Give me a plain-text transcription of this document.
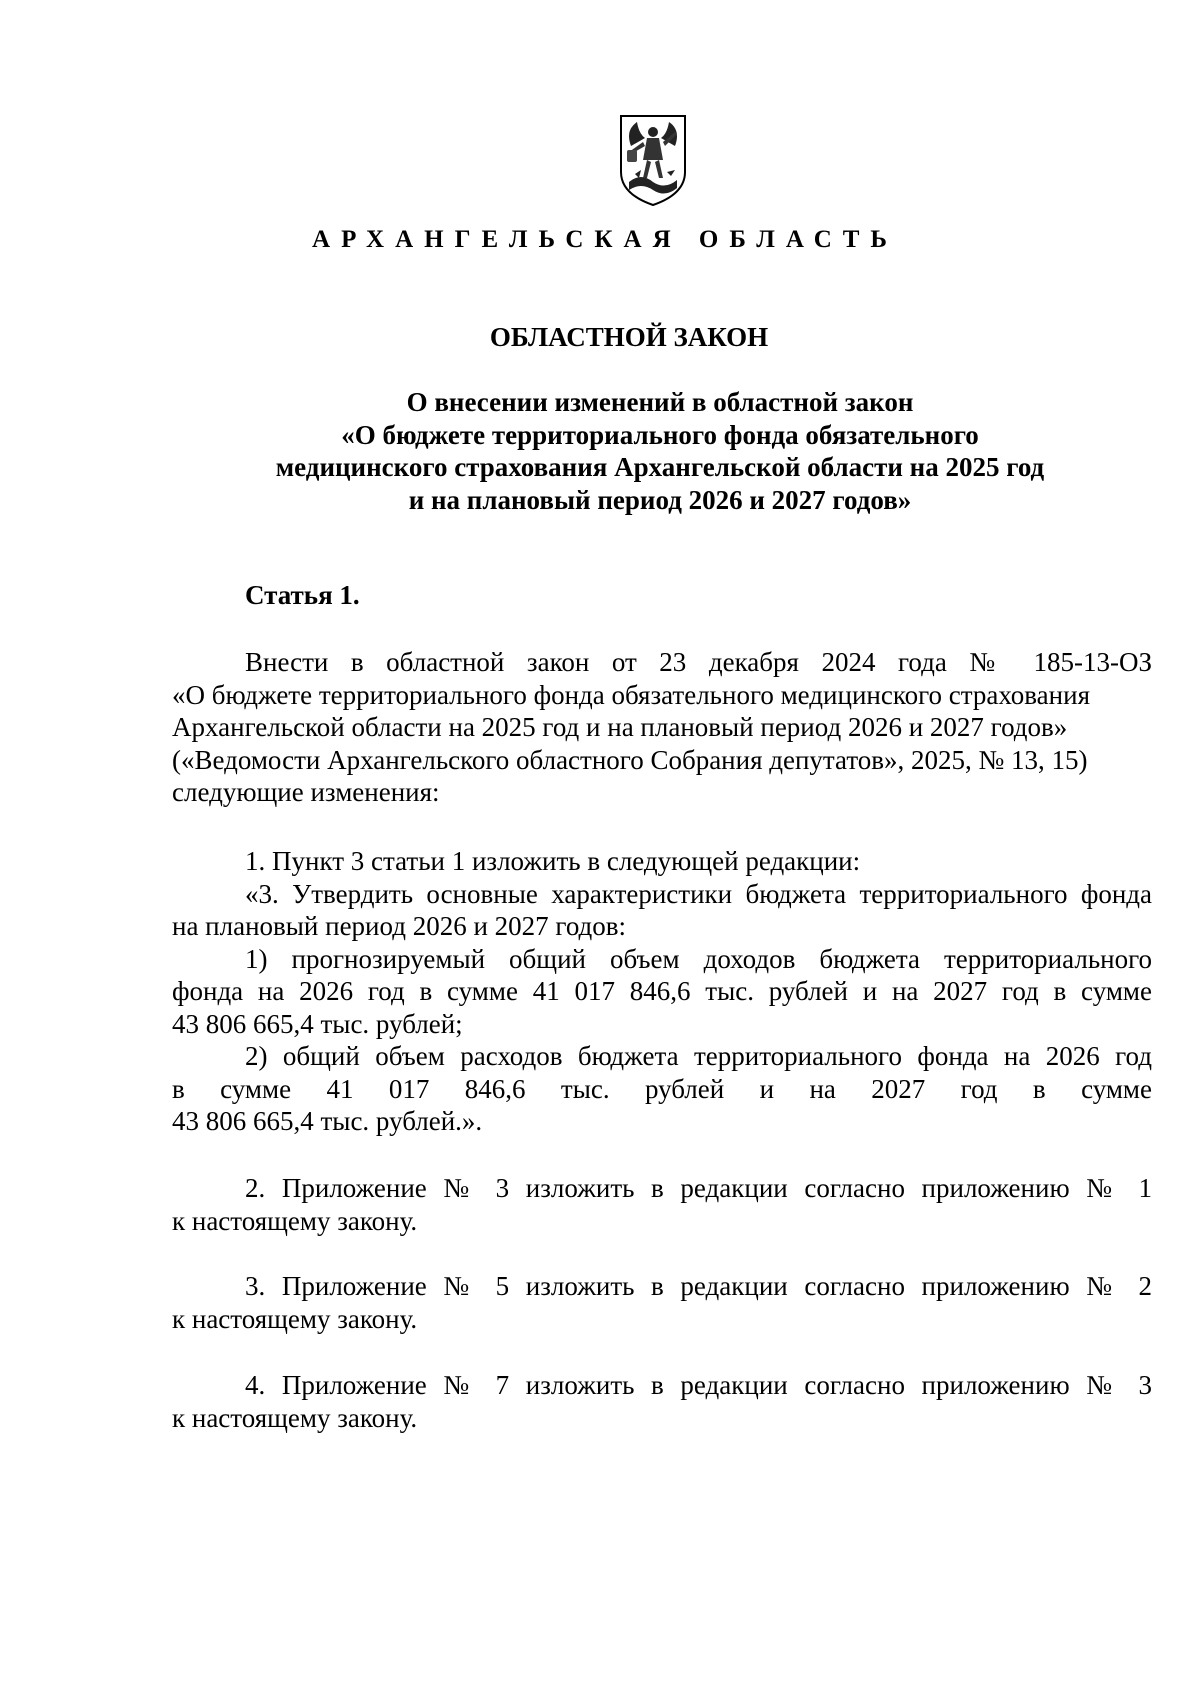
АРХАНГЕЛЬСКАЯ ОБЛАСТЬ
ОБЛАСТНОЙ ЗАКОН
О внесении изменений в областной закон
«О бюджете территориального фонда обязательного
медицинского страхования Архангельской области на 2025 год
и на плановый период 2026 и 2027 годов»
Статья 1.
Внести в областной закон от 23 декабря 2024 года № 185-13-ОЗ
«О бюджете территориального фонда обязательного медицинского страхования
Архангельской области на 2025 год и на плановый период 2026 и 2027 годов»
(«Ведомости Архангельского областного Собрания депутатов», 2025, № 13, 15)
следующие изменения:
1. Пункт 3 статьи 1 изложить в следующей редакции:
«3. Утвердить основные характеристики бюджета территориального фонда
на плановый период 2026 и 2027 годов:
1) прогнозируемый общий объем доходов бюджета территориального
фонда на 2026 год в сумме 41 017 846,6 тыс. рублей и на 2027 год в сумме
43 806 665,4 тыс. рублей;
2) общий объем расходов бюджета территориального фонда на 2026 год
в сумме 41 017 846,6 тыс. рублей и на 2027 год в сумме
43 806 665,4 тыс. рублей.».
2. Приложение № 3 изложить в редакции согласно приложению № 1
к настоящему закону.
3. Приложение № 5 изложить в редакции согласно приложению № 2
к настоящему закону.
4. Приложение № 7 изложить в редакции согласно приложению № 3
к настоящему закону.
